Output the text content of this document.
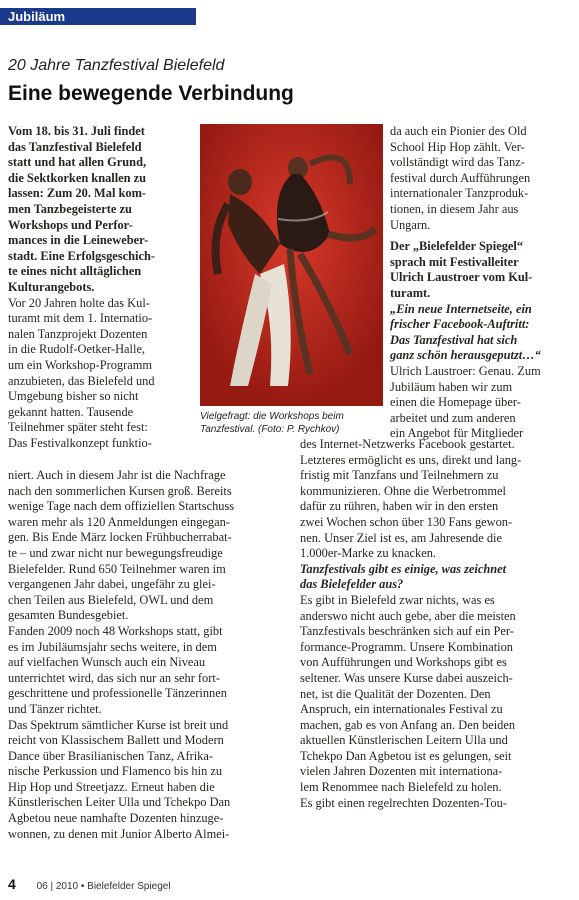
Jubiläum
20 Jahre Tanzfestival Bielefeld
Eine bewegende Verbindung
Vom 18. bis 31. Juli findet
das Tanzfestival Bielefeld
statt und hat allen Grund,
die Sektkorken knallen zu
lassen: Zum 20. Mal kom-
men Tanzbegeisterte zu
Workshops und Perfor-
mances in die Leineweber-
stadt. Eine Erfolgsgeschich-
te eines nicht alltäglichen
Kulturangebots.
Vor 20 Jahren holte das Kul-
turamt mit dem 1. Internatio-
nalen Tanzprojekt Dozenten
in die Rudolf-Oetker-Halle,
um ein Workshop-Programm
anzubieten, das Bielefeld und
Umgebung bisher so nicht
gekannt hatten. Tausende
Teilnehmer später steht fest:
Das Festivalkonzept funktio-
niert. Auch in diesem Jahr ist die Nachfrage
nach den sommerlichen Kursen groß. Bereits
wenige Tage nach dem offiziellen Startschuss
waren mehr als 120 Anmeldungen eingegan-
gen. Bis Ende März locken Frühbucherrabat-
te – und zwar nicht nur bewegungsfreudige
Bielefelder. Rund 650 Teilnehmer waren im
vergangenen Jahr dabei, ungefähr zu glei-
chen Teilen aus Bielefeld, OWL und dem
gesamten Bundesgebiet.
Fanden 2009 noch 48 Workshops statt, gibt
es im Jubiläumsjahr sechs weitere, in dem
auf vielfachen Wunsch auch ein Niveau
unterrichtet wird, das sich nur an sehr fort-
geschrittene und professionelle Tänzerinnen
und Tänzer richtet.
Das Spektrum sämtlicher Kurse ist breit und
reicht von Klassischem Ballett und Modern
Dance über Brasilianischen Tanz, Afrika-
nische Perkussion und Flamenco bis hin zu
Hip Hop und Streetjazz. Erneut haben die
Künstlerischen Leiter Ulla und Tchekpo Dan
Agbetou neue namhafte Dozenten hinzuge-
wonnen, zu denen mit Junior Alberto Almei-
Vielgefragt: die Workshops beim
Tanzfestival. (Foto: P. Rychkov)
da auch ein Pionier des Old
School Hip Hop zählt. Ver-
vollständigt wird das Tanz-
festival durch Aufführungen
internationaler Tanzproduk-
tionen, in diesem Jahr aus
Ungarn.
Der „Bielefelder Spiegel“
sprach mit Festivalleiter
Ulrich Laustroer vom Kul-
turamt.
„Ein neue Internetseite, ein
frischer Facebook-Auftritt:
Das Tanzfestival hat sich
ganz schön herausgeputzt…“
Ulrich Laustroer: Genau. Zum
Jubiläum haben wir zum
einen die Homepage über-
arbeitet und zum anderen
ein Angebot für Mitglieder
des Internet-Netzwerks Facebook gestartet.
Letzteres ermöglicht es uns, direkt und lang-
fristig mit Tanzfans und Teilnehmern zu
kommunizieren. Ohne die Werbetrommel
dafür zu rühren, haben wir in den ersten
zwei Wochen schon über 130 Fans gewon-
nen. Unser Ziel ist es, am Jahresende die
1.000er-Marke zu knacken.
Tanzfestivals gibt es einige, was zeichnet
das Bielefelder aus?
Es gibt in Bielefeld zwar nichts, was es
anderswo nicht auch gebe, aber die meisten
Tanzfestivals beschränken sich auf ein Per-
formance-Programm. Unsere Kombination
von Aufführungen und Workshops gibt es
seltener. Was unsere Kurse dabei auszeich-
net, ist die Qualität der Dozenten. Den
Anspruch, ein internationales Festival zu
machen, gab es von Anfang an. Den beiden
aktuellen Künstlerischen Leitern Ulla und
Tchekpo Dan Agbetou ist es gelungen, seit
vielen Jahren Dozenten mit internationa-
lem Renommee nach Bielefeld zu holen.
Es gibt einen regelrechten Dozenten-Tou-
4 06 | 2010 • Bielefelder Spiegel
